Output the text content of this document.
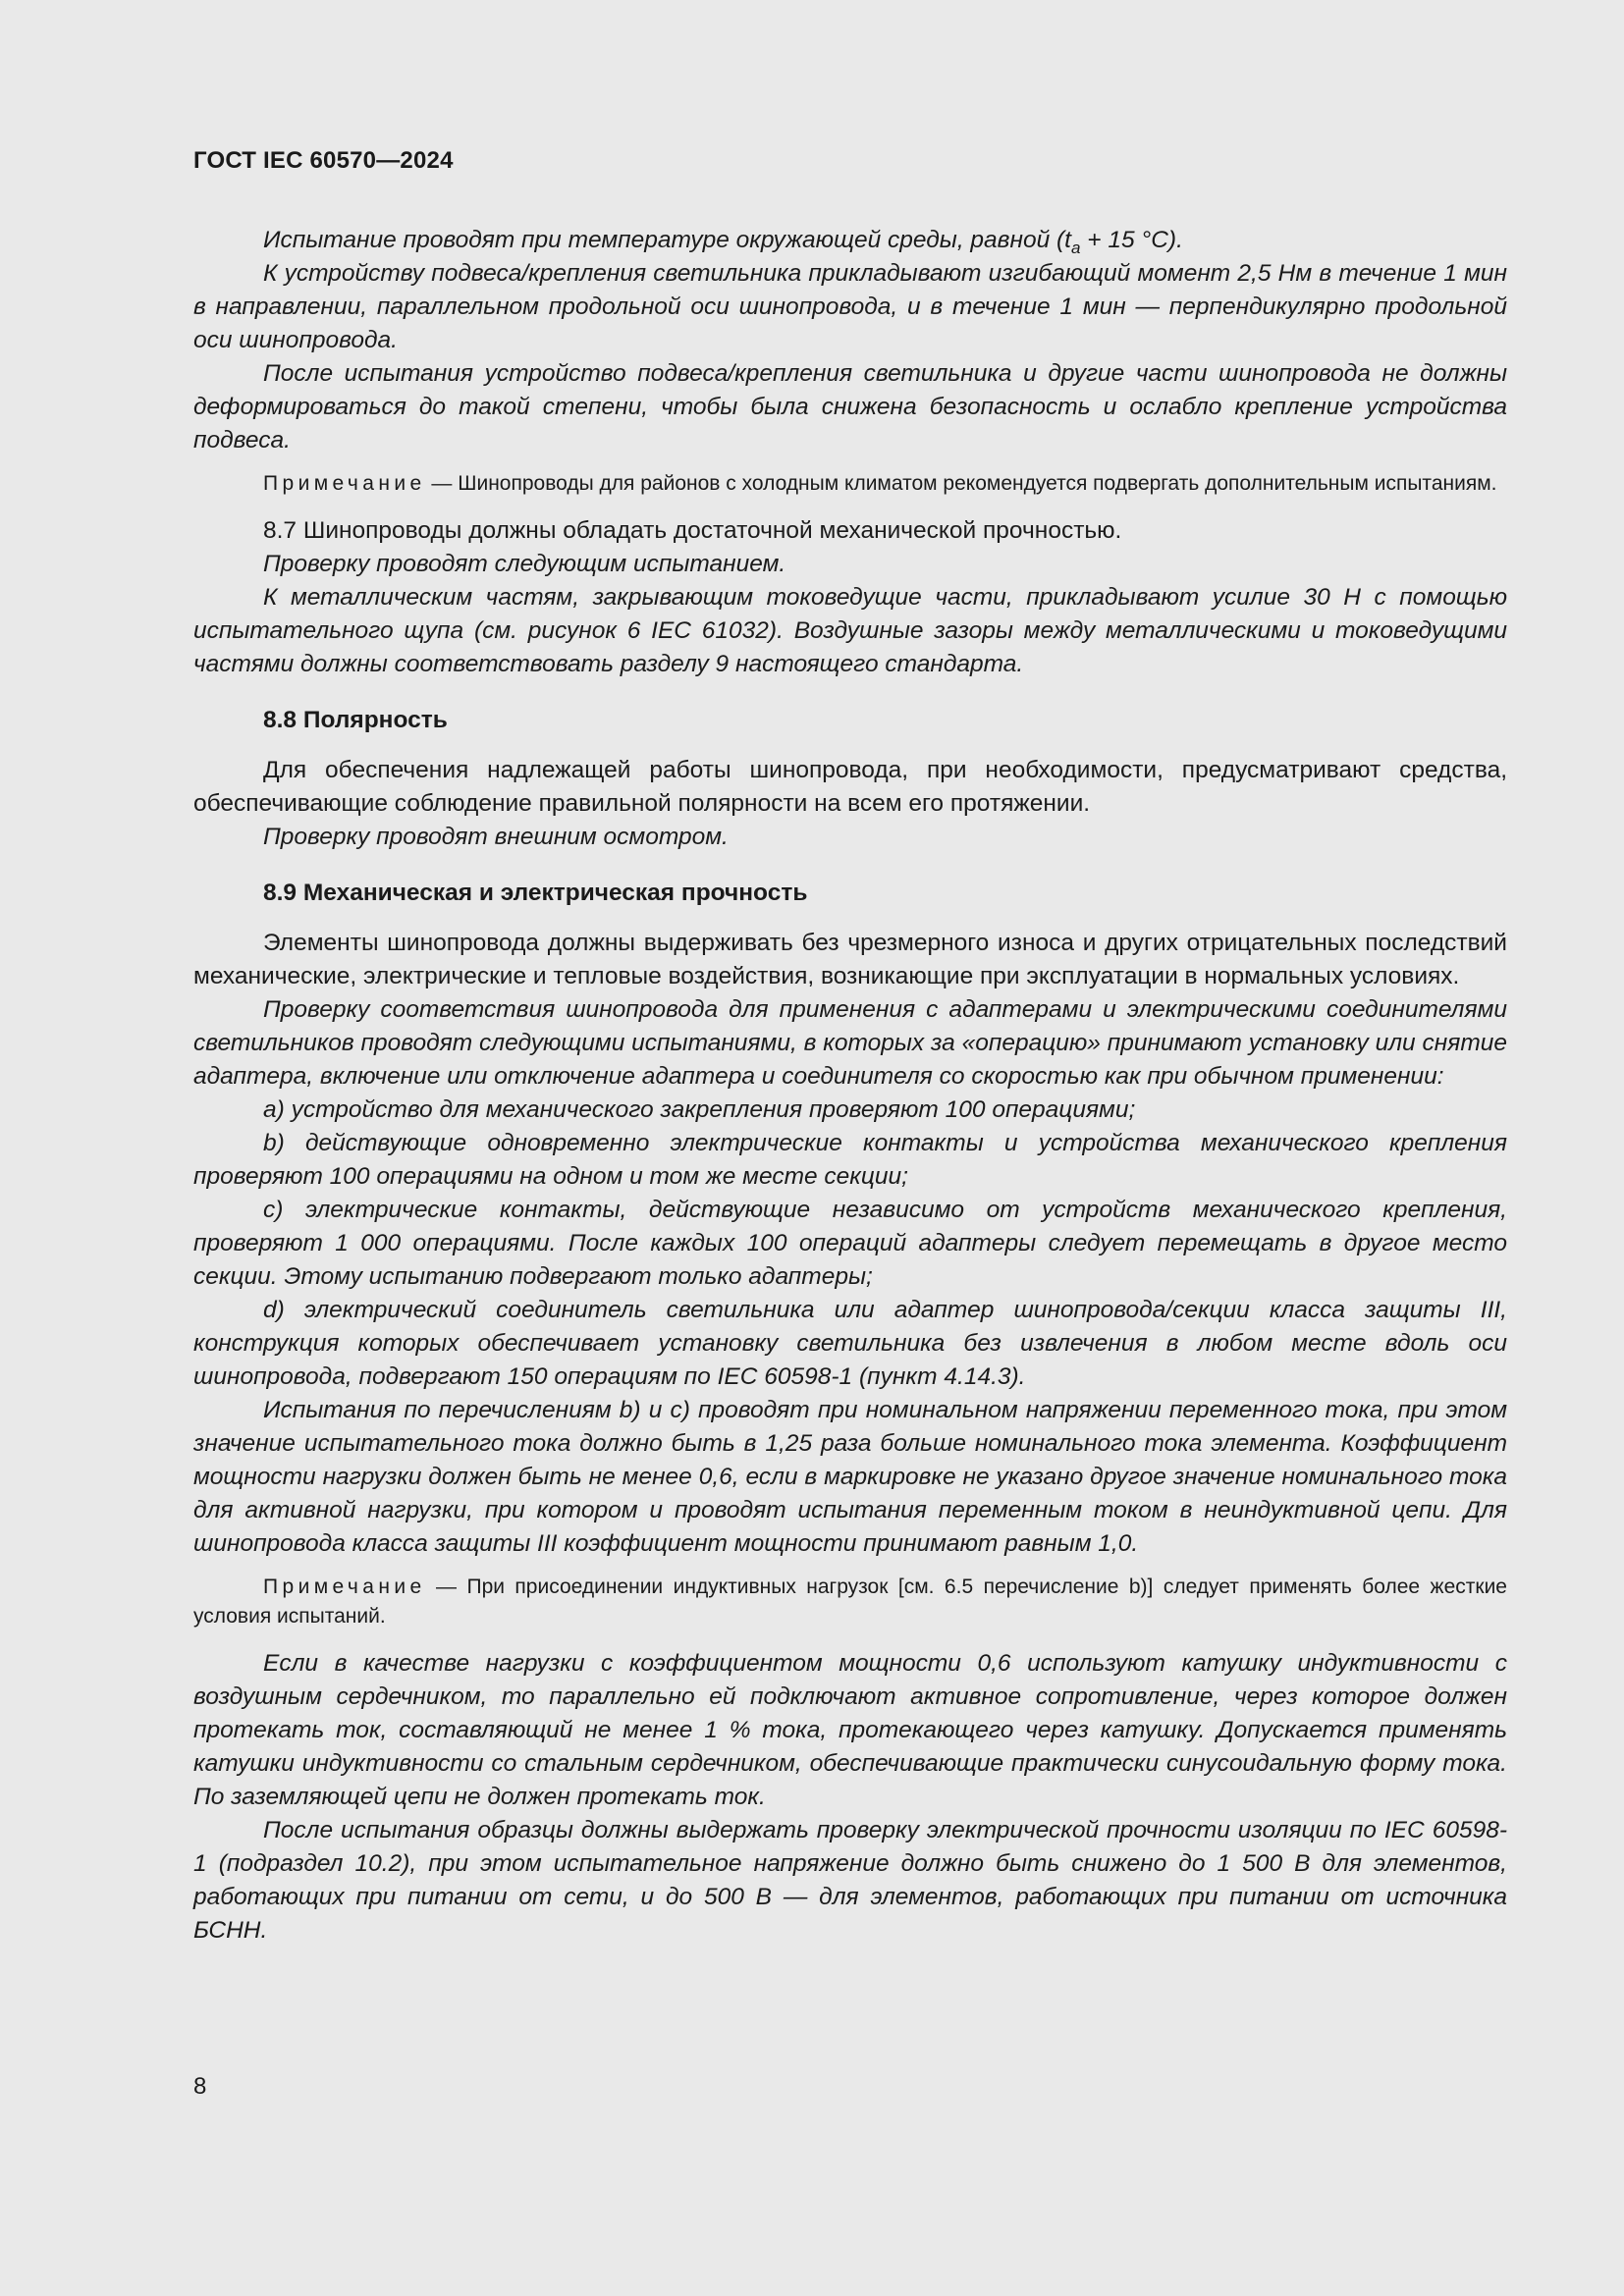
ГОСТ IEC 60570—2024

Испытание проводят при температуре окружающей среды, равной ($t_a + 15$ °C).

К устройству подвеса/крепления светильника прикладывают изгибающий момент 2,5 Нм в течение 1 мин в направлении, параллельном продольной оси шинопровода, и в течение 1 мин — перпендикулярно продольной оси шинопровода.

После испытания устройство подвеса/крепления светильника и другие части шинопровода не должны деформироваться до такой степени, чтобы была снижена безопасность и ослабло крепление устройства подвеса.

Примечание — Шинопроводы для районов с холодным климатом рекомендуется подвергать дополнительным испытаниям.

8.7 Шинопроводы должны обладать достаточной механической прочностью.

Проверку проводят следующим испытанием.

К металлическим частям, закрывающим токоведущие части, прикладывают усилие 30 Н с помощью испытательного щупа (см. рисунок 6 IEC 61032). Воздушные зазоры между металлическими и токоведущими частями должны соответствовать разделу 9 настоящего стандарта.

8.8 Полярность

Для обеспечения надлежащей работы шинопровода, при необходимости, предусматривают средства, обеспечивающие соблюдение правильной полярности на всем его протяжении.

Проверку проводят внешним осмотром.

8.9 Механическая и электрическая прочность

Элементы шинопровода должны выдерживать без чрезмерного износа и других отрицательных последствий механические, электрические и тепловые воздействия, возникающие при эксплуатации в нормальных условиях.

Проверку соответствия шинопровода для применения с адаптерами и электрическими соединителями светильников проводят следующими испытаниями, в которых за «операцию» принимают установку или снятие адаптера, включение или отключение адаптера и соединителя со скоростью как при обычном применении:

a) устройство для механического закрепления проверяют 100 операциями;

b) действующие одновременно электрические контакты и устройства механического крепления проверяют 100 операциями на одном и том же месте секции;

c) электрические контакты, действующие независимо от устройств механического крепления, проверяют 1 000 операциями. После каждых 100 операций адаптеры следует перемещать в другое место секции. Этому испытанию подвергают только адаптеры;

d) электрический соединитель светильника или адаптер шинопровода/секции класса защиты III, конструкция которых обеспечивает установку светильника без извлечения в любом месте вдоль оси шинопровода, подвергают 150 операциям по IEC 60598-1 (пункт 4.14.3).

Испытания по перечислениям b) и c) проводят при номинальном напряжении переменного тока, при этом значение испытательного тока должно быть в 1,25 раза больше номинального тока элемента. Коэффициент мощности нагрузки должен быть не менее 0,6, если в маркировке не указано другое значение номинального тока для активной нагрузки, при котором и проводят испытания переменным током в неиндуктивной цепи. Для шинопровода класса защиты III коэффициент мощности принимают равным 1,0.

Примечание — При присоединении индуктивных нагрузок [см. 6.5 перечисление b)] следует применять более жесткие условия испытаний.

Если в качестве нагрузки с коэффициентом мощности 0,6 используют катушку индуктивности с воздушным сердечником, то параллельно ей подключают активное сопротивление, через которое должен протекать ток, составляющий не менее 1 % тока, протекающего через катушку. Допускается применять катушки индуктивности со стальным сердечником, обеспечивающие практически синусоидальную форму тока. По заземляющей цепи не должен протекать ток.

После испытания образцы должны выдержать проверку электрической прочности изоляции по IEC 60598-1 (подраздел 10.2), при этом испытательное напряжение должно быть снижено до 1 500 В для элементов, работающих при питании от сети, и до 500 В — для элементов, работающих при питании от источника БСНН.

8
